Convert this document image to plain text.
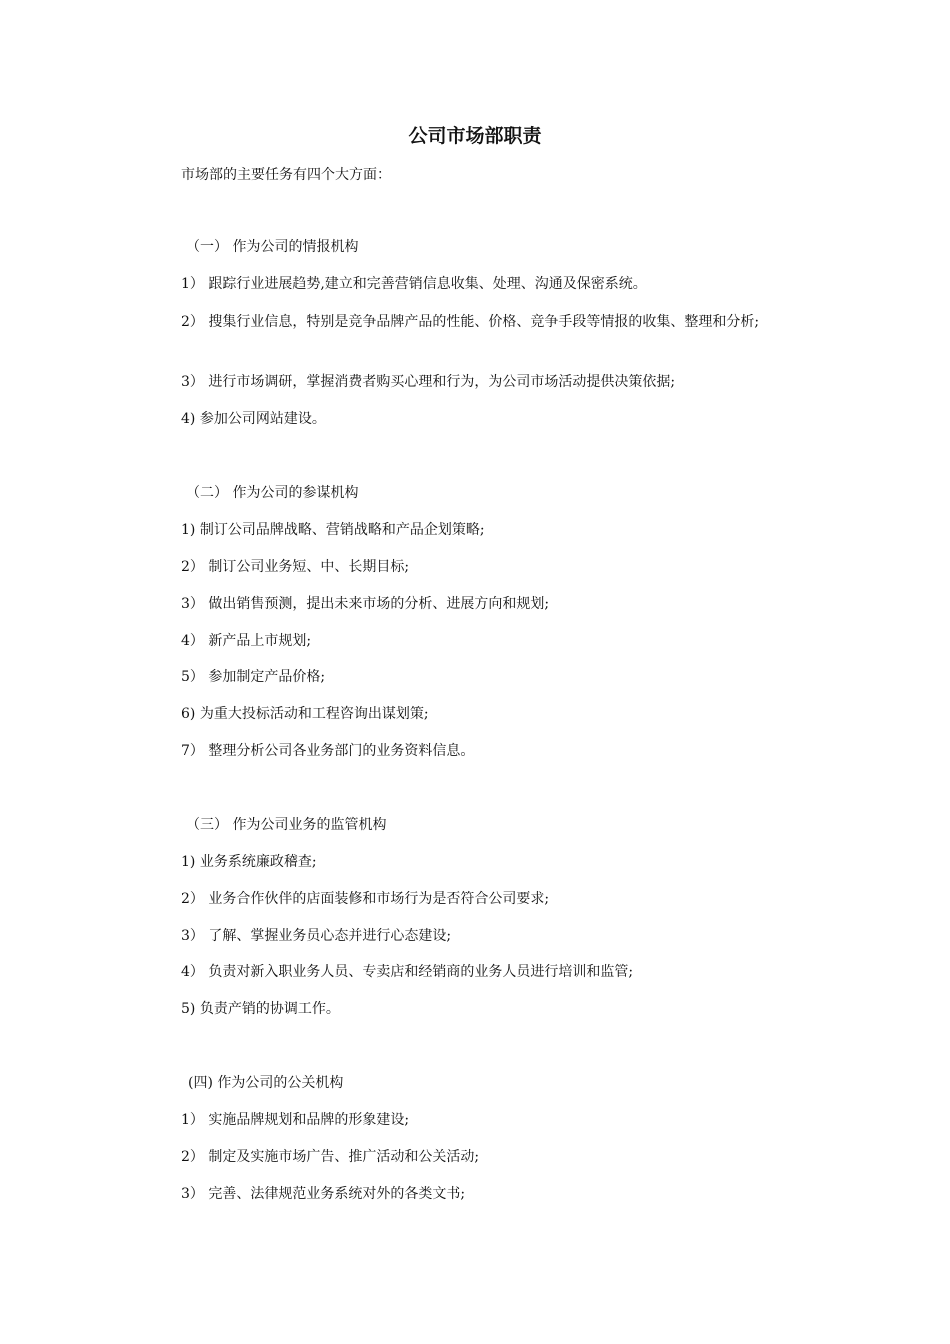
公司市场部职责

市场部的主要任务有四个大方面：

（一） 作为公司的情报机构

1） 跟踪行业进展趋势,建立和完善营销信息收集、处理、沟通及保密系统。

2） 搜集行业信息，特别是竞争品牌产品的性能、价格、竞争手段等情报的收集、整理和分析;

3） 进行市场调研，掌握消费者购买心理和行为，为公司市场活动提供决策依据;

4) 参加公司网站建设。

（二） 作为公司的参谋机构

1) 制订公司品牌战略、营销战略和产品企划策略;

2） 制订公司业务短、中、长期目标;

3） 做出销售预测，提出未来市场的分析、进展方向和规划;

4） 新产品上市规划;

5） 参加制定产品价格;

6) 为重大投标活动和工程咨询出谋划策;

7） 整理分析公司各业务部门的业务资料信息。

（三） 作为公司业务的监管机构

1) 业务系统廉政稽查;

2） 业务合作伙伴的店面装修和市场行为是否符合公司要求;

3） 了解、掌握业务员心态并进行心态建设;

4） 负责对新入职业务人员、专卖店和经销商的业务人员进行培训和监管;

5) 负责产销的协调工作。

(四) 作为公司的公关机构

1） 实施品牌规划和品牌的形象建设;

2） 制定及实施市场广告、推广活动和公关活动;

3） 完善、法律规范业务系统对外的各类文书;
